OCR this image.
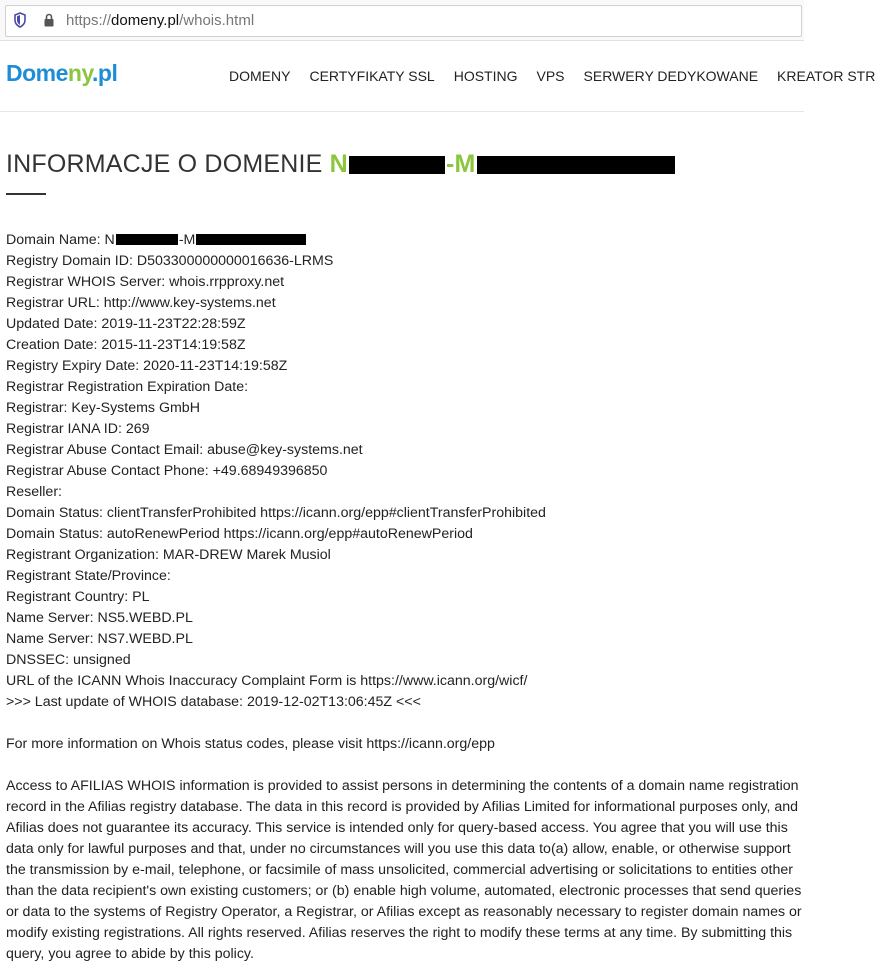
https://domeny.pl/whois.html
Domeny.pl	DOMENY CERTYFIKATY SSL HOSTING VPS SERWERY DEDYKOWANE KREATOR STR
INFORMACJE O DOMENIE N	-M
Domain Name: N	-M
Registry Domain ID: D503300000000016636-LRMS
Registrar WHOIS Server: whois.rrpproxy.net
Registrar URL: http://www.key-systems.net
Updated Date: 2019-11-23T22:28:59Z
Creation Date: 2015-11-23T14:19:58Z
Registry Expiry Date: 2020-11-23T14:19:58Z
Registrar Registration Expiration Date:
Registrar: Key-Systems GmbH
Registrar IANA ID: 269
Registrar Abuse Contact Email: abuse@key-systems.net
Registrar Abuse Contact Phone: +49.68949396850
Reseller:
Domain Status: clientTransferProhibited https://icann.org/epp#clientTransferProhibited
Domain Status: autoRenewPeriod https://icann.org/epp#autoRenewPeriod
Registrant Organization: MAR-DREW Marek Musiol
Registrant State/Province:
Registrant Country: PL
Name Server: NS5.WEBD.PL
Name Server: NS7.WEBD.PL
DNSSEC: unsigned
URL of the ICANN Whois Inaccuracy Complaint Form is https://www.icann.org/wicf/
>>> Last update of WHOIS database: 2019-12-02T13:06:45Z <<<
For more information on Whois status codes, please visit https://icann.org/epp
Access to AFILIAS WHOIS information is provided to assist persons in determining the contents of a domain name registration record in the Afilias registry database. The data in this record is provided by Afilias Limited for informational purposes only, and Afilias does not guarantee its accuracy. This service is intended only for query-based access. You agree that you will use this data only for lawful purposes and that, under no circumstances will you use this data to(a) allow, enable, or otherwise support the transmission by e-mail, telephone, or facsimile of mass unsolicited, commercial advertising or solicitations to entities other than the data recipient's own existing customers; or (b) enable high volume, automated, electronic processes that send queries or data to the systems of Registry Operator, a Registrar, or Afilias except as reasonably necessary to register domain names or modify existing registrations. All rights reserved. Afilias reserves the right to modify these terms at any time. By submitting this query, you agree to abide by this policy.
